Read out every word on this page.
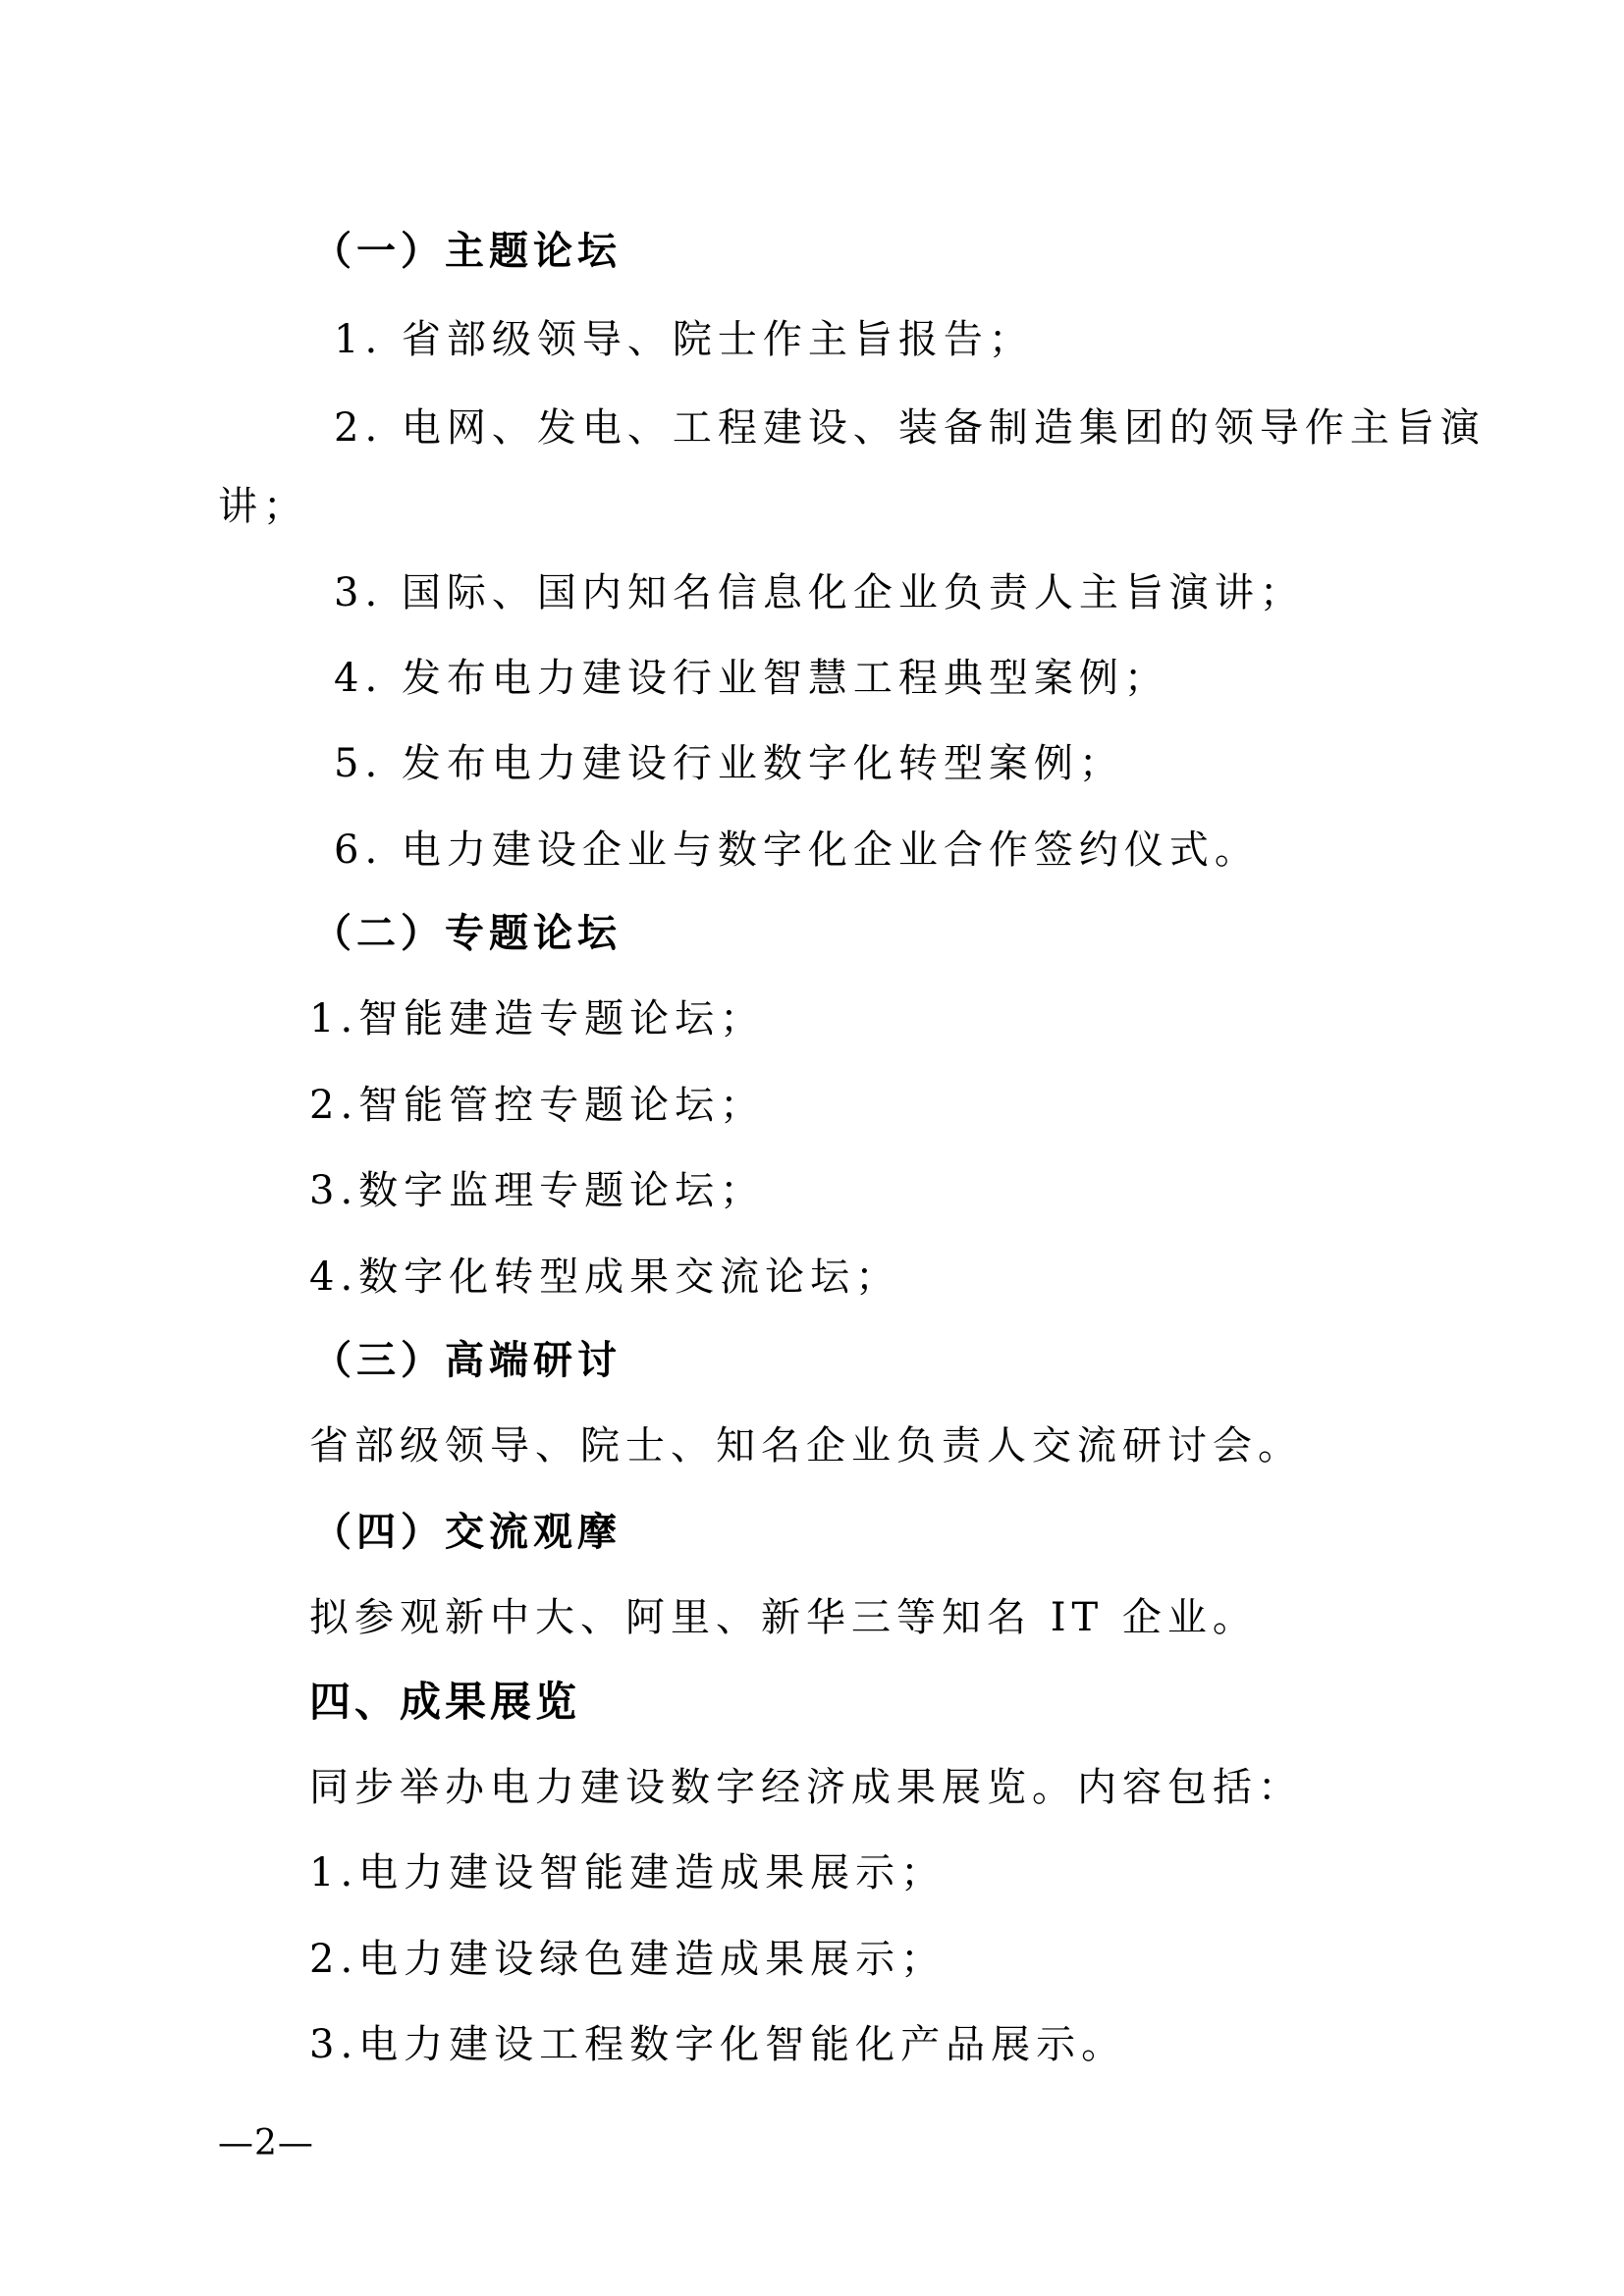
（一）主题论坛
1. 省部级领导、院士作主旨报告；
2. 电网、发电、工程建设、装备制造集团的领导作主旨演
讲；
3. 国际、国内知名信息化企业负责人主旨演讲；
4. 发布电力建设行业智慧工程典型案例；
5. 发布电力建设行业数字化转型案例；
6. 电力建设企业与数字化企业合作签约仪式。
（二）专题论坛
1.智能建造专题论坛；
2.智能管控专题论坛；
3.数字监理专题论坛；
4.数字化转型成果交流论坛；
（三）高端研讨
省部级领导、院士、知名企业负责人交流研讨会。
（四）交流观摩
拟参观新中大、阿里、新华三等知名 IT 企业。
四、成果展览
同步举办电力建设数字经济成果展览。内容包括：
1.电力建设智能建造成果展示；
2.电力建设绿色建造成果展示；
3.电力建设工程数字化智能化产品展示。
—2—
